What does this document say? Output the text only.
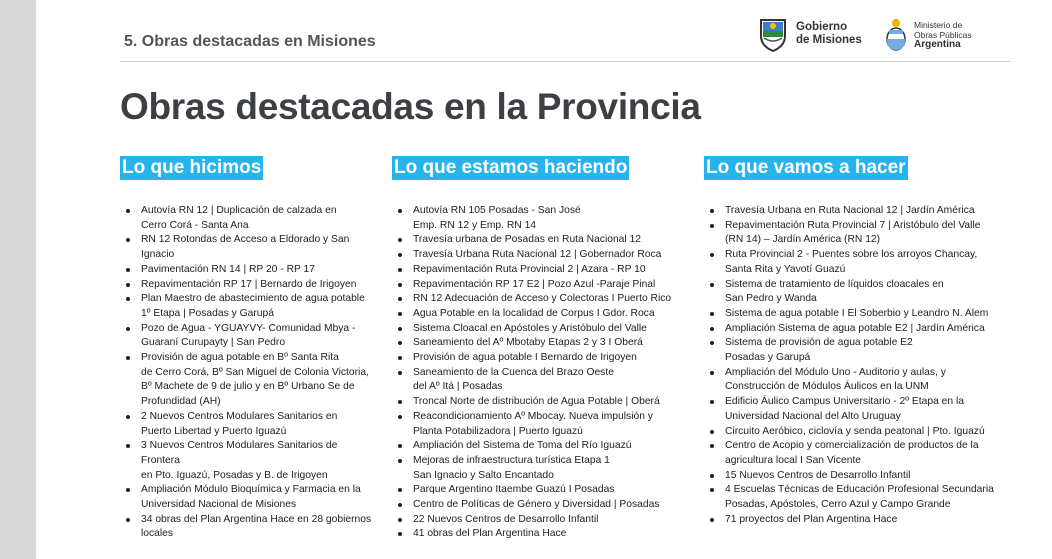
5. Obras destacadas en Misiones
Gobierno
de Misiones
Ministerio de
Obras Públicas
Argentina
Obras destacadas en la Provincia
Lo que hicimos
Autovía RN 12 | Duplicación de calzada en
Cerro Corá - Santa Ana
RN 12 Rotondas de Acceso a Eldorado y San Ignacio
Pavimentación RN 14 | RP 20 - RP 17
Repavimentación RP 17 | Bernardo de Irigoyen
Plan Maestro de abastecimiento de agua potable
1º Etapa | Posadas y Garupá
Pozo de Agua - YGUAYVY- Comunidad Mbya -
Guaraní Curupayty | San Pedro
Provisión de agua potable en Bº Santa Rita
de Cerro Corá, Bº San Miguel de Colonia Victoria,
Bº Machete de 9 de julio y en Bº Urbano Se de
Profundidad (AH)
2 Nuevos Centros Modulares Sanitarios en
Puerto Libertad y Puerto Iguazú
3 Nuevos Centros Modulares Sanitarios de Frontera
en Pto. Iguazú, Posadas y B. de Irigoyen
Ampliación Módulo Bioquímica y Farmacia en la
Universidad Nacional de Misiones
34 obras del Plan Argentina Hace en 28 gobiernos
locales
Lo que estamos haciendo
Autovía RN 105 Posadas - San José
Emp. RN 12 y Emp. RN 14
Travesía urbana de Posadas en Ruta Nacional 12
Travesía Urbana Ruta Nacional 12 | Gobernador Roca
Repavimentación Ruta Provincial 2 | Azara - RP 10
Repavimentación RP 17 E2 | Pozo Azul -Paraje Pinal
RN 12 Adecuación de Acceso y Colectoras I Puerto Rico
Agua Potable en la localidad de Corpus I Gdor. Roca
Sistema Cloacal en Apóstoles y Aristóbulo del Valle
Saneamiento del Aº Mbotaby Etapas 2 y 3 I Oberá
Provisión de agua potable I Bernardo de Irigoyen
Saneamiento de la Cuenca del Brazo Oeste
del Aº Itá | Posadas
Troncal Norte de distribución de Agua Potable | Oberá
Reacondicionamiento Aº Mbocay. Nueva impulsión y
Planta Potabilizadora | Puerto Iguazú
Ampliación del Sistema de Toma del Río Iguazú
Mejoras de infraestructura turística Etapa 1
San Ignacio y Salto Encantado
Parque Argentino Itaembe Guazú I Posadas
Centro de Políticas de Género y Diversidad | Posadas
22 Nuevos Centros de Desarrollo Infantil
41 obras del Plan Argentina Hace
Lo que vamos a hacer
Travesía Urbana en Ruta Nacional 12 | Jardín América
Repavimentación Ruta Provincial 7 | Aristóbulo del Valle
(RN 14) – Jardín América (RN 12)
Ruta Provincial 2 - Puentes sobre los arroyos Chancay,
Santa Rita y Yavotí Guazú
Sistema de tratamiento de líquidos cloacales en
San Pedro y Wanda
Sistema de agua potable I El Soberbio y Leandro N. Alem
Ampliación Sistema de agua potable E2 | Jardín América
Sistema de provisión de agua potable E2
Posadas y Garupá
Ampliación del Módulo Uno - Auditorio y aulas, y
Construcción de Módulos Áulicos en la UNM
Edificio Áulico Campus Universitario - 2º Etapa en la
Universidad Nacional del Alto Uruguay
Circuito Aeróbico, ciclovía y senda peatonal | Pto. Iguazú
Centro de Acopio y comercialización de productos de la
agricultura local I San Vicente
15 Nuevos Centros de Desarrollo Infantil
4 Escuelas Técnicas de Educación Profesional Secundaria
Posadas, Apóstoles, Cerro Azul y Campo Grande
71 proyectos del Plan Argentina Hace
